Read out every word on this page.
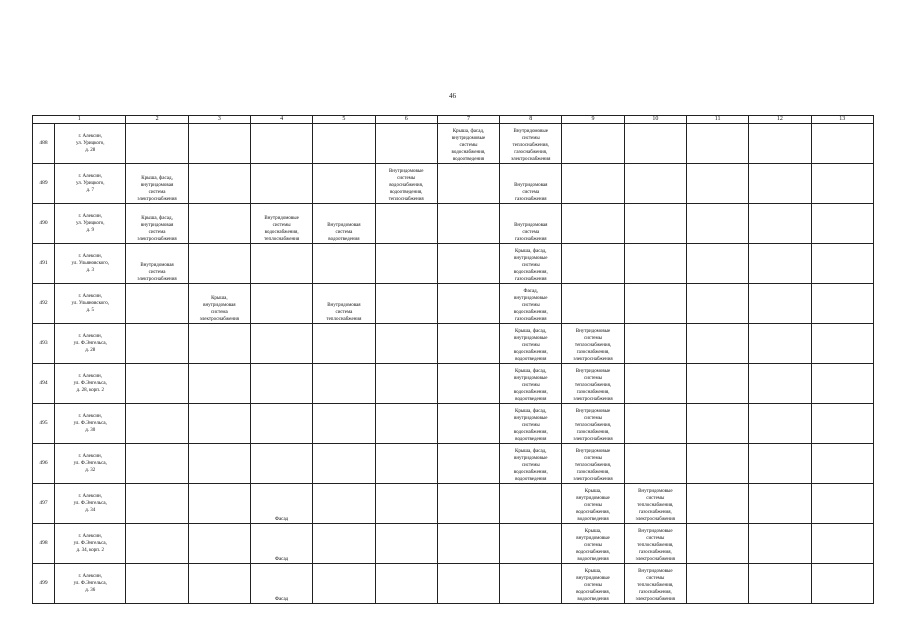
46
1		2	3	4	5	6	7	8	9	10	11	12	13
488	г. Алексин,
ул. Урицкого,
д. 28						Крыша, фасад,
внутридомовые
системы
водоснабжения,
водоотведения	Внутридомовые
системы
теплоснабжения,
газоснабжения,
электроснабжения					

489	г. Алексин,
ул. Урицкого,
д. 7	Крыша, фасад,
внутридомовая
система
электроснабжения				Внутридомовые
системы
водоснабжения,
водоотведения,
теплоснабжения		Внутридомовая
система
газоснабжения					

490	г. Алексин,
ул. Урицкого,
д. 9	Крыша, фасад,
внутридомовая
система
электроснабжения		Внутридомовые
системы
водоснабжения,
теплоснабжения	Внутридомовая
система
водоотведения			Внутридомовая
система
газоснабжения					

491	г. Алексин,
ул. Ульяновского,
д. 3	Внутридомовая
система
электроснабжения						Крыша, фасад,
внутридомовые
системы
водоснабжения,
газоснабжения					

492	г. Алексин,
ул. Ульяновского,
д. 5		Крыша,
внутридомовая
система
электроснабжения		Внутридомовая
система
теплоснабжения			Фасад,
внутридомовые
системы
водоснабжения,
газоснабжения					

493	г. Алексин,
ул. Ф.Энгельса,
д. 28							Крыша, фасад,
внутридомовые
системы
водоснабжения,
водоотведения	Внутридомовые
системы
теплоснабжения,
газоснабжения,
электроснабжения				

494	г. Алексин,
ул. Ф.Энгельса,
д. 28, корп. 2							Крыша, фасад,
внутридомовые
системы
водоснабжения,
водоотведения	Внутридомовые
системы
теплоснабжения,
газоснабжения,
электроснабжения				

495	г. Алексин,
ул. Ф.Энгельса,
д. 30							Крыша, фасад,
внутридомовые
системы
водоснабжения,
водоотведения	Внутридомовые
системы
теплоснабжения,
газоснабжения,
электроснабжения				

496	г. Алексин,
ул. Ф.Энгельса,
д. 32							Крыша, фасад,
внутридомовые
системы
водоснабжения,
водоотведения	Внутридомовые
системы
теплоснабжения,
газоснабжения,
электроснабжения				

497	г. Алексин,
ул. Ф.Энгельса,
д. 34			Фасад					Крыша,
внутридомовые
системы
водоснабжения,
водоотведения	Внутридомовые
системы
теплоснабжения,
газоснабжения,
электроснабжения			

498	г. Алексин,
ул. Ф.Энгельса,
д. 34, корп. 2			Фасад					Крыша,
внутридомовые
системы
водоснабжения,
водоотведения	Внутридомовые
системы
теплоснабжения,
газоснабжения,
электроснабжения			

499	г. Алексин,
ул. Ф.Энгельса,
д. 36			Фасад					Крыша,
внутридомовые
системы
водоснабжения,
водоотведения	Внутридомовые
системы
теплоснабжения,
газоснабжения,
электроснабжения			
